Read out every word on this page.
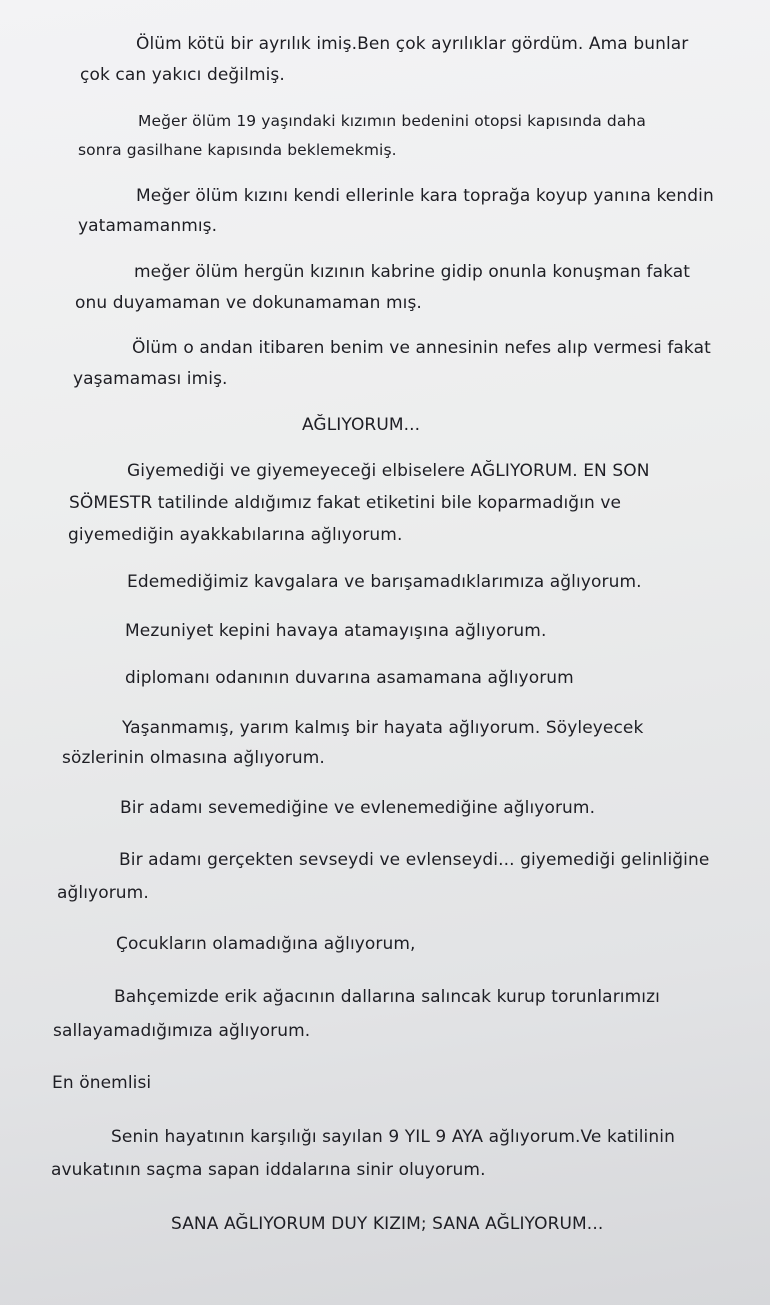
Ölüm kötü bir ayrılık imiş.Ben çok ayrılıklar gördüm. Ama bunlar
çok can yakıcı değilmiş.
Meğer ölüm 19 yaşındaki kızımın bedenini otopsi kapısında daha
sonra gasilhane kapısında beklemekmiş.
Meğer ölüm kızını kendi ellerinle kara toprağa koyup yanına kendin
yatamamanmış.
meğer ölüm hergün kızının kabrine gidip onunla konuşman fakat
onu duyamaman ve dokunamaman mış.
Ölüm o andan itibaren benim ve annesinin nefes alıp vermesi fakat
yaşamaması imiş.
AĞLIYORUM...
Giyemediği ve giyemeyeceği elbiselere AĞLIYORUM. EN SON
SÖMESTR tatilinde aldığımız fakat etiketini bile koparmadığın ve
giyemediğin ayakkabılarına ağlıyorum.
Edemediğimiz kavgalara ve barışamadıklarımıza ağlıyorum.
Mezuniyet kepini havaya atamayışına ağlıyorum.
diplomanı odanının duvarına asamamana ağlıyorum
Yaşanmamış, yarım kalmış bir hayata ağlıyorum. Söyleyecek
sözlerinin olmasına ağlıyorum.
Bir adamı sevemediğine ve evlenemediğine ağlıyorum.
Bir adamı gerçekten sevseydi ve evlenseydi... giyemediği gelinliğine
ağlıyorum.
Çocukların olamadığına ağlıyorum,
Bahçemizde erik ağacının dallarına salıncak kurup torunlarımızı
sallayamadığımıza ağlıyorum.
En önemlisi
Senin hayatının karşılığı sayılan 9 YIL 9 AYA ağlıyorum.Ve katilinin
avukatının saçma sapan iddalarına sinir oluyorum.
SANA AĞLIYORUM DUY KIZIM; SANA AĞLIYORUM...
